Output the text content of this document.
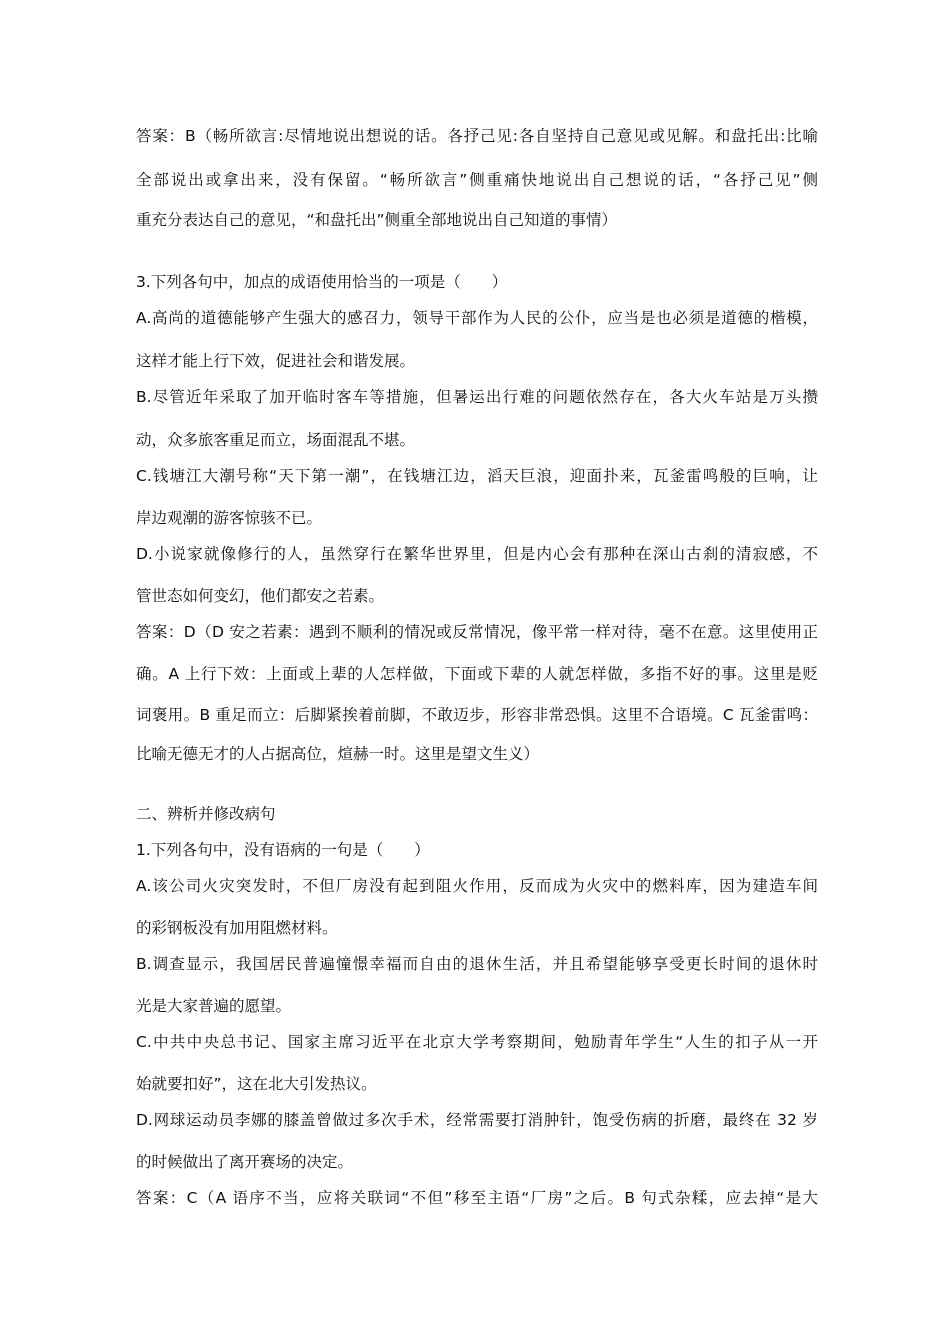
答案：B（畅所欲言:尽情地说出想说的话。各抒己见:各自坚持自己意见或见解。和盘托出:比喻
全部说出或拿出来，没有保留。“畅所欲言”侧重痛快地说出自己想说的话，“各抒己见”侧
重充分表达自己的意见，“和盘托出”侧重全部地说出自己知道的事情）
3.下列各句中，加点的成语使用恰当的一项是（　　）
A.高尚的道德能够产生强大的感召力，领导干部作为人民的公仆，应当是也必须是道德的楷模，
这样才能上行下效，促进社会和谐发展。
B.尽管近年采取了加开临时客车等措施，但暑运出行难的问题依然存在，各大火车站是万头攒
动，众多旅客重足而立，场面混乱不堪。
C.钱塘江大潮号称“天下第一潮”，在钱塘江边，滔天巨浪，迎面扑来，瓦釜雷鸣般的巨响，让
岸边观潮的游客惊骇不已。
D.小说家就像修行的人，虽然穿行在繁华世界里，但是内心会有那种在深山古刹的清寂感，不
管世态如何变幻，他们都安之若素。
答案：D（D 安之若素：遇到不顺利的情况或反常情况，像平常一样对待，毫不在意。这里使用正
确。A 上行下效：上面或上辈的人怎样做，下面或下辈的人就怎样做，多指不好的事。这里是贬
词褒用。B 重足而立：后脚紧挨着前脚，不敢迈步，形容非常恐惧。这里不合语境。C 瓦釜雷鸣：
比喻无德无才的人占据高位，煊赫一时。这里是望文生义）
二、辨析并修改病句
1.下列各句中，没有语病的一句是（　　）
A.该公司火灾突发时，不但厂房没有起到阻火作用，反而成为火灾中的燃料库，因为建造车间
的彩钢板没有加用阻燃材料。
B.调查显示，我国居民普遍憧憬幸福而自由的退休生活，并且希望能够享受更长时间的退休时
光是大家普遍的愿望。
C.中共中央总书记、国家主席习近平在北京大学考察期间，勉励青年学生“人生的扣子从一开
始就要扣好”，这在北大引发热议。
D.网球运动员李娜的膝盖曾做过多次手术，经常需要打消肿针，饱受伤病的折磨，最终在 32 岁
的时候做出了离开赛场的决定。
答案：C（A 语序不当，应将关联词“不但”移至主语“厂房”之后。B 句式杂糅，应去掉“是大
